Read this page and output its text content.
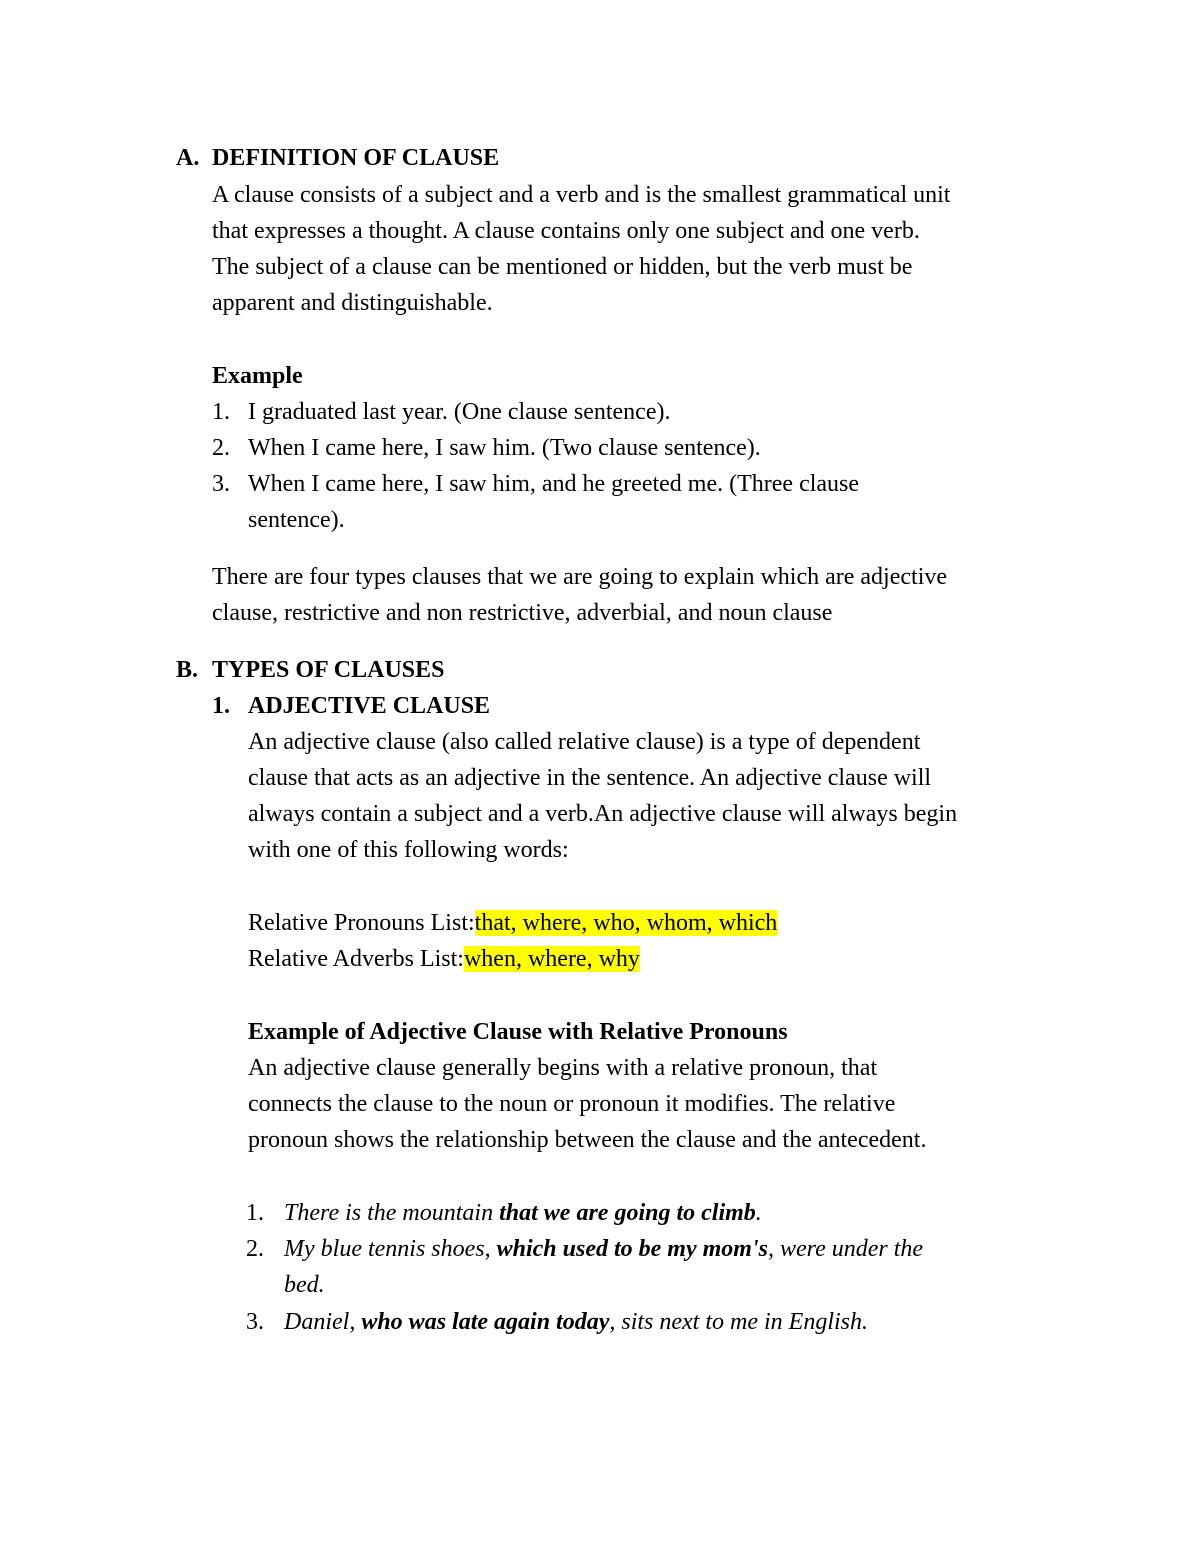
A. DEFINITION OF CLAUSE
A clause consists of a subject and a verb and is the smallest grammatical unit
that expresses a thought. A clause contains only one subject and one verb.
The subject of a clause can be mentioned or hidden, but the verb must be
apparent and distinguishable.
Example
1. I graduated last year. (One clause sentence).
2. When I came here, I saw him. (Two clause sentence).
3. When I came here, I saw him, and he greeted me. (Three clause
sentence).
There are four types clauses that we are going to explain which are adjective
clause, restrictive and non restrictive, adverbial, and noun clause
B. TYPES OF CLAUSES
1. ADJECTIVE CLAUSE
An adjective clause (also called relative clause) is a type of dependent
clause that acts as an adjective in the sentence. An adjective clause will
always contain a subject and a verb.An adjective clause will always begin
with one of this following words:
Relative Pronouns List:that, where, who, whom, which
Relative Adverbs List:when, where, why
Example of Adjective Clause with Relative Pronouns
An adjective clause generally begins with a relative pronoun, that
connects the clause to the noun or pronoun it modifies. The relative
pronoun shows the relationship between the clause and the antecedent.
1. There is the mountain that we are going to climb.
2. My blue tennis shoes, which used to be my mom's, were under the
bed.
3. Daniel, who was late again today, sits next to me in English.
